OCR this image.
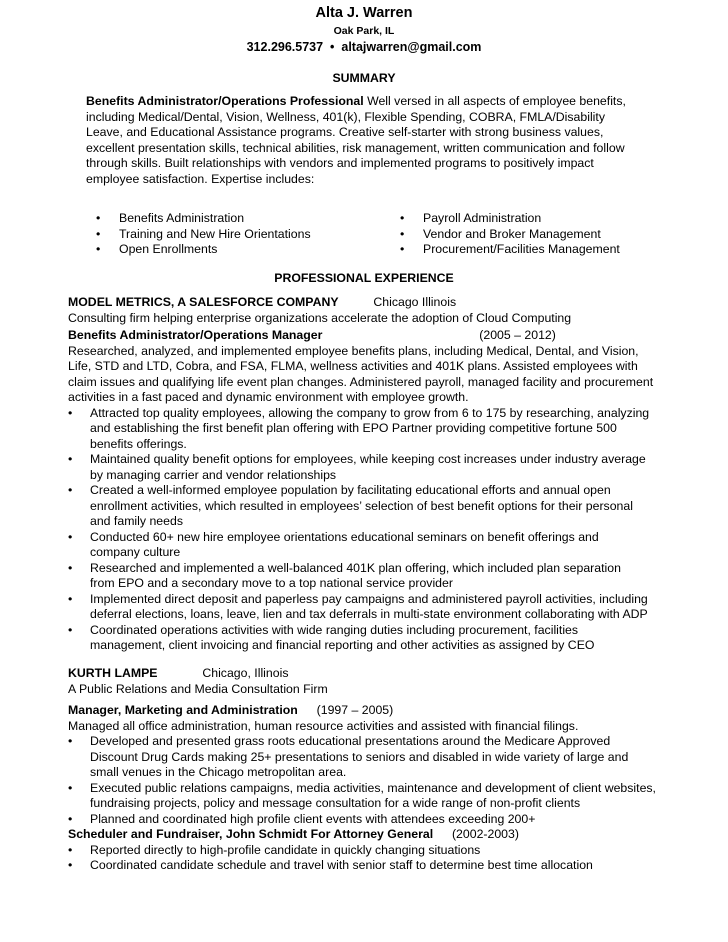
Alta J. Warren
Oak Park, IL
312.296.5737 • altajwarren@gmail.com
SUMMARY
Benefits Administrator/Operations Professional Well versed in all aspects of employee benefits,
including Medical/Dental, Vision, Wellness, 401(k), Flexible Spending, COBRA, FMLA/Disability
Leave, and Educational Assistance programs. Creative self-starter with strong business values,
excellent presentation skills, technical abilities, risk management, written communication and follow
through skills. Built relationships with vendors and implemented programs to positively impact
employee satisfaction. Expertise includes:
• Benefits Administration
• Training and New Hire Orientations
• Open Enrollments
• Payroll Administration
• Vendor and Broker Management
• Procurement/Facilities Management
PROFESSIONAL EXPERIENCE
MODEL METRICS, A SALESFORCE COMPANY	Chicago Illinois
Consulting firm helping enterprise organizations accelerate the adoption of Cloud Computing
Benefits Administrator/Operations Manager	(2005 – 2012)
Researched, analyzed, and implemented employee benefits plans, including Medical, Dental, and Vision,
Life, STD and LTD, Cobra, and FSA, FLMA, wellness activities and 401K plans. Assisted employees with
claim issues and qualifying life event plan changes. Administered payroll, managed facility and procurement
activities in a fast paced and dynamic environment with employee growth.
• Attracted top quality employees, allowing the company to grow from 6 to 175 by researching, analyzing
and establishing the first benefit plan offering with EPO Partner providing competitive fortune 500
benefits offerings.
• Maintained quality benefit options for employees, while keeping cost increases under industry average
by managing carrier and vendor relationships
• Created a well-informed employee population by facilitating educational efforts and annual open
enrollment activities, which resulted in employees’ selection of best benefit options for their personal
and family needs
• Conducted 60+ new hire employee orientations educational seminars on benefit offerings and
company culture
• Researched and implemented a well-balanced 401K plan offering, which included plan separation
from EPO and a secondary move to a top national service provider
• Implemented direct deposit and paperless pay campaigns and administered payroll activities, including
deferral elections, loans, leave, lien and tax deferrals in multi-state environment collaborating with ADP
• Coordinated operations activities with wide ranging duties including procurement, facilities
management, client invoicing and financial reporting and other activities as assigned by CEO
KURTH LAMPE	Chicago, Illinois
A Public Relations and Media Consultation Firm
Manager, Marketing and Administration (1997 – 2005)
Managed all office administration, human resource activities and assisted with financial filings.
• Developed and presented grass roots educational presentations around the Medicare Approved
Discount Drug Cards making 25+ presentations to seniors and disabled in wide variety of large and
small venues in the Chicago metropolitan area.
• Executed public relations campaigns, media activities, maintenance and development of client websites,
fundraising projects, policy and message consultation for a wide range of non-profit clients
• Planned and coordinated high profile client events with attendees exceeding 200+
Scheduler and Fundraiser, John Schmidt For Attorney General (2002-2003)
• Reported directly to high-profile candidate in quickly changing situations
• Coordinated candidate schedule and travel with senior staff to determine best time allocation
